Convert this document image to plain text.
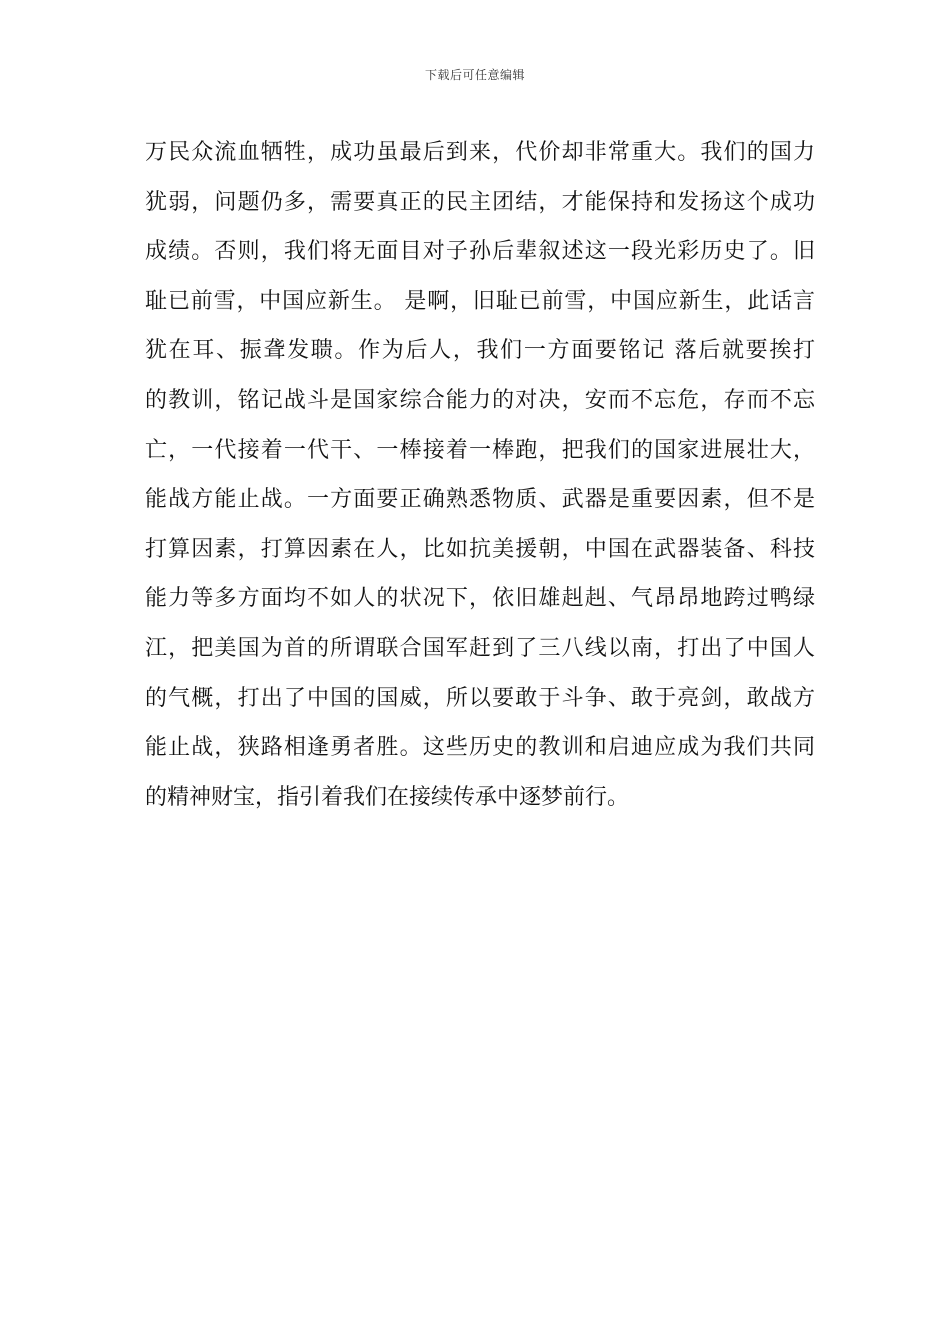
下载后可任意编辑
万民众流血牺牲，成功虽最后到来，代价却非常重大。我们的国力
犹弱，问题仍多，需要真正的民主团结，才能保持和发扬这个成功
成绩。否则，我们将无面目对子孙后辈叙述这一段光彩历史了。旧
耻已前雪，中国应新生。 是啊，旧耻已前雪，中国应新生，此话言
犹在耳、振聋发聩。作为后人，我们一方面要铭记 落后就要挨打
的教训，铭记战斗是国家综合能力的对决，安而不忘危，存而不忘
亡，一代接着一代干、一棒接着一棒跑，把我们的国家进展壮大，
能战方能止战。一方面要正确熟悉物质、武器是重要因素，但不是
打算因素，打算因素在人，比如抗美援朝，中国在武器装备、科技
能力等多方面均不如人的状况下，依旧雄赳赳、气昂昂地跨过鸭绿
江，把美国为首的所谓联合国军赶到了三八线以南，打出了中国人
的气概，打出了中国的国威，所以要敢于斗争、敢于亮剑，敢战方
能止战，狭路相逢勇者胜。这些历史的教训和启迪应成为我们共同
的精神财宝，指引着我们在接续传承中逐梦前行。
